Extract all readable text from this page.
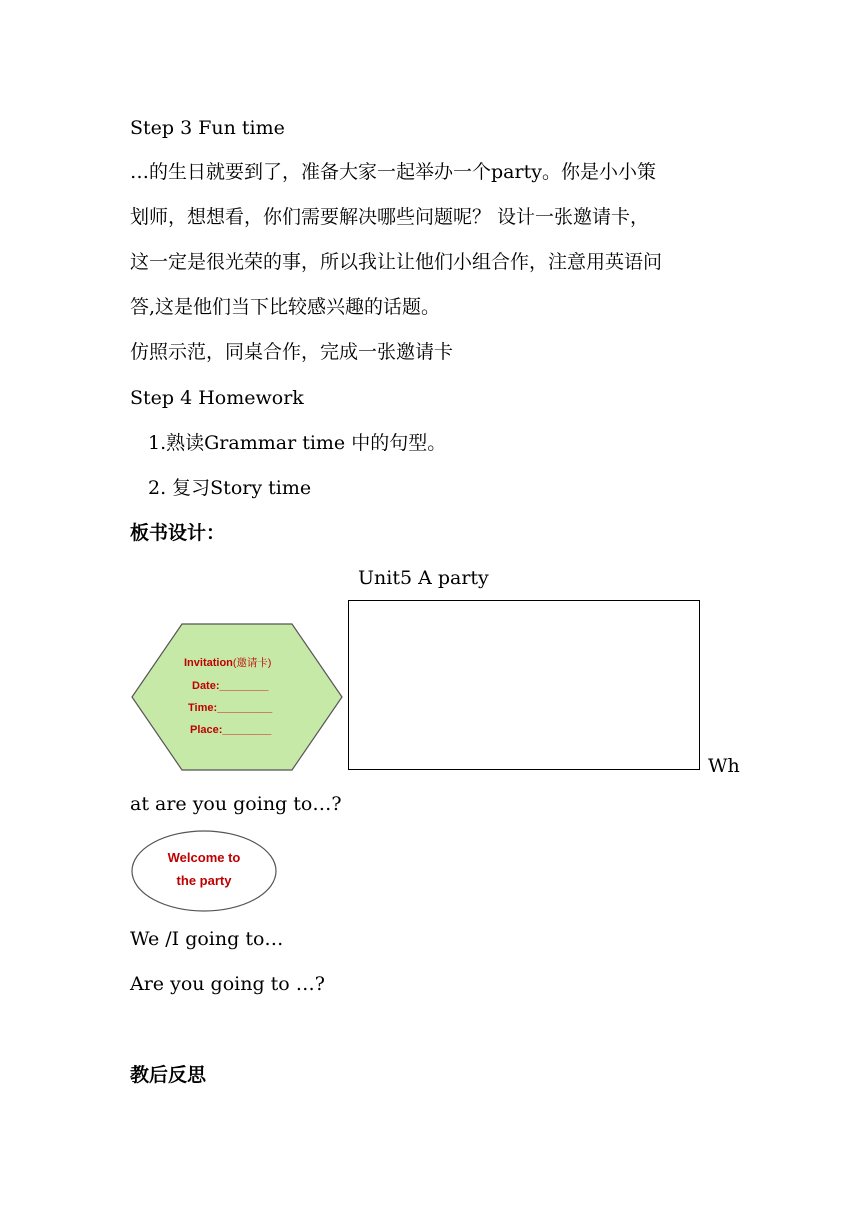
Step 3 Fun time
…的生日就要到了，准备大家一起举办一个party。你是小小策
划师，想想看，你们需要解决哪些问题呢？ 设计一张邀请卡，
这一定是很光荣的事，所以我让让他们小组合作，注意用英语问
答,这是他们当下比较感兴趣的话题。
仿照示范，同桌合作，完成一张邀请卡
Step 4 Homework
1.熟读Grammar time 中的句型。
2. 复习Story time
板书设计：
Unit5 A party
Invitation(邀请卡)
Date:________
Time:_________
Place:________
Wh
at are you going to…?
Welcome to
the party
We /I going to…
Are you going to …?
教后反思
